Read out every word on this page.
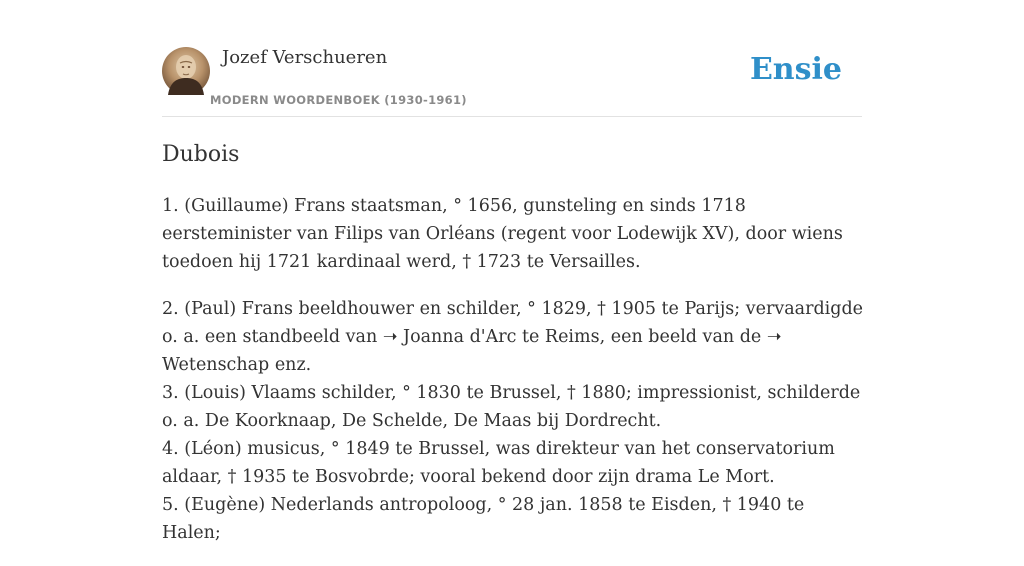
Jozef Verschueren
MODERN WOORDENBOEK (1930-1961)
Ensie
Dubois

1. (Guillaume) Frans staatsman, ° 1656, gunsteling en sinds 1718 eersteminister van Filips van Orléans (regent voor Lodewijk XV), door wiens toedoen hij 1721 kardinaal werd, † 1723 te Versailles.

2. (Paul) Frans beeldhouwer en schilder, ° 1829, † 1905 te Parijs; vervaardigde o. a. een standbeeld van ➝ Joanna d'Arc te Reims, een beeld van de ➝ Wetenschap enz.
3. (Louis) Vlaams schilder, ° 1830 te Brussel, † 1880; impressionist, schilderde o. a. De Koorknaap, De Schelde, De Maas bij Dordrecht.
4. (Léon) musicus, ° 1849 te Brussel, was direkteur van het conservatorium aldaar, † 1935 te Bosvobrde; vooral bekend door zijn drama Le Mort.
5. (Eugène) Nederlands antropoloog, ° 28 jan. 1858 te Eisden, † 1940 te Halen;
